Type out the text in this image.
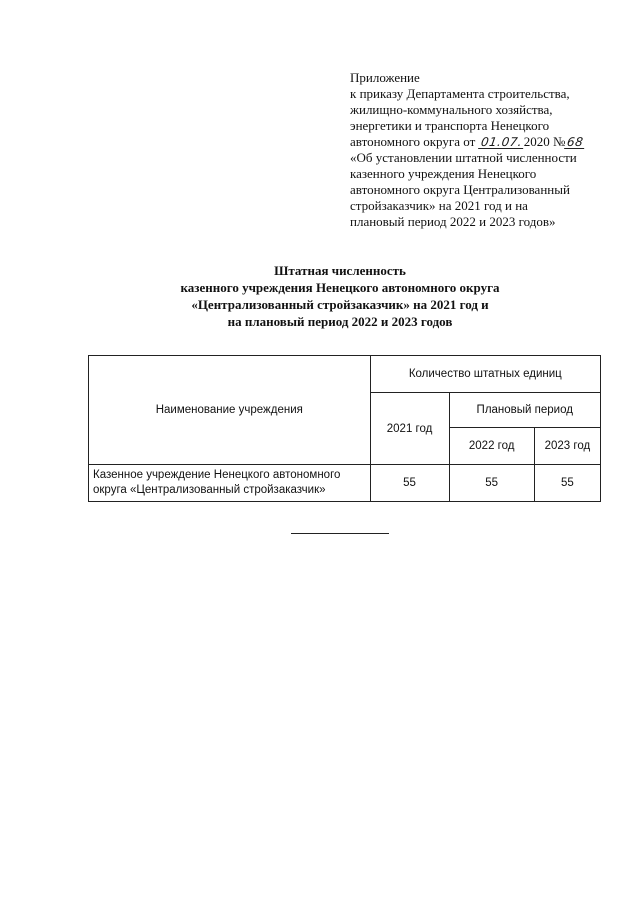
Приложение
к приказу Департамента строительства,
жилищно-коммунального хозяйства,
энергетики и транспорта Ненецкого
автономного округа от 01.07.2020 №68
«Об установлении штатной численности
казенного учреждения Ненецкого
автономного округа Централизованный
стройзаказчик» на 2021 год и на
плановый период 2022 и 2023 годов»
Штатная численность
казенного учреждения Ненецкого автономного округа
«Централизованный стройзаказчик» на 2021 год и
на плановый период 2022 и 2023 годов
Наименование учреждения	Количество штатных единиц		
	2021 год	Плановый период	
		2022 год	2023 год
Казенное учреждение Ненецкого автономного округа «Централизованный стройзаказчик»	55	55	55
